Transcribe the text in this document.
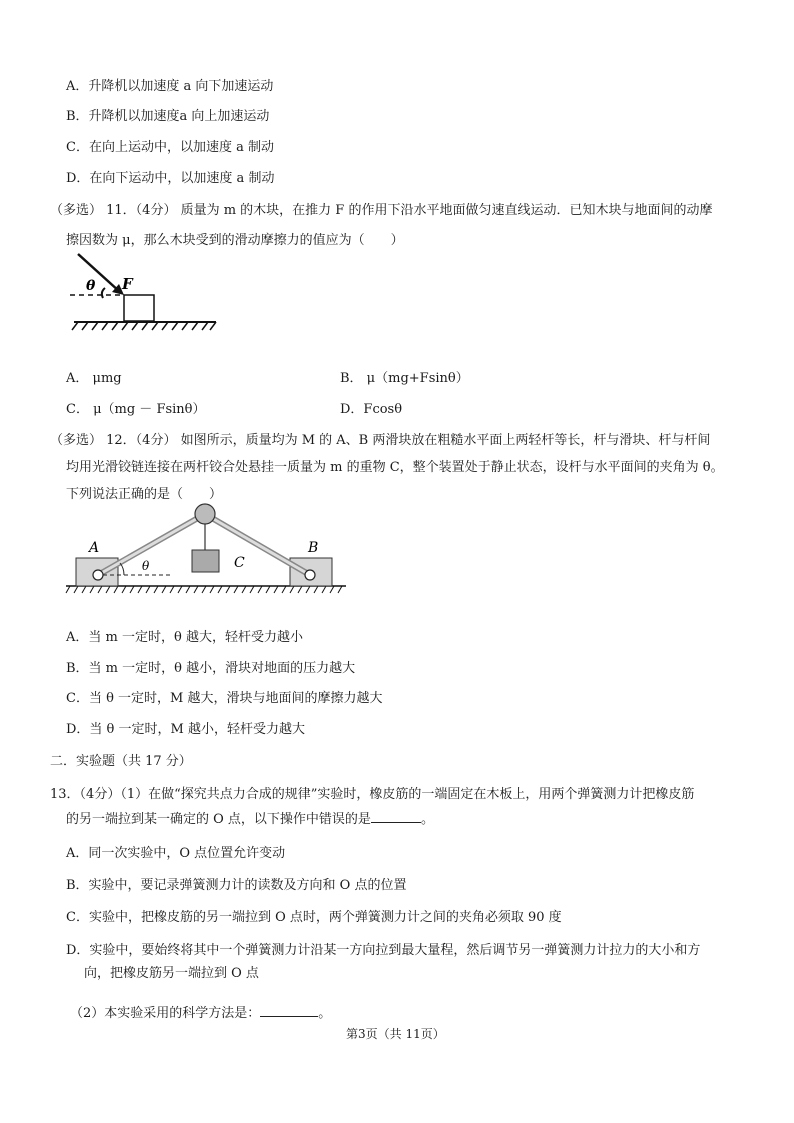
A．升降机以加速度 a 向下加速运动
B．升降机以加速度a 向上加速运动
C．在向上运动中，以加速度 a 制动
D．在向下运动中，以加速度 a 制动
（多选） 11．（4分） 质量为 m 的木块，在推力 F 的作用下沿水平地面做匀速直线运动．已知木块与地面间的动摩
擦因数为 μ，那么木块受到的滑动摩擦力的值应为（　　）
θ F
A． μmg	B． μ（mg+Fsinθ）
C． μ（mg － Fsinθ）	D．Fcosθ
（多选） 12．（4分） 如图所示，质量均为 M 的 A、B 两滑块放在粗糙水平面上两轻杆等长，杆与滑块、杆与杆间
均用光滑铰链连接在两杆铰合处悬挂一质量为 m 的重物 C，整个装置处于静止状态，设杆与水平面间的夹角为 θ。
下列说法正确的是（　　）
A	B
C
θ
A．当 m 一定时，θ 越大，轻杆受力越小
B．当 m 一定时，θ 越小，滑块对地面的压力越大
C．当 θ 一定时，M 越大，滑块与地面间的摩擦力越大
D．当 θ 一定时，M 越小，轻杆受力越大
二．实验题（共 17 分）
13．（4分）（1）在做“探究共点力合成的规律”实验时，橡皮筋的一端固定在木板上，用两个弹簧测力计把橡皮筋
的另一端拉到某一确定的 O 点，以下操作中错误的是	。
A．同一次实验中，O 点位置允许变动
B．实验中，要记录弹簧测力计的读数及方向和 O 点的位置
C．实验中，把橡皮筋的另一端拉到 O 点时，两个弹簧测力计之间的夹角必须取 90 度
D．实验中，要始终将其中一个弹簧测力计沿某一方向拉到最大量程，然后调节另一弹簧测力计拉力的大小和方
向，把橡皮筋另一端拉到 O 点
（2）本实验采用的科学方法是：	。
第3页（共 11页）
